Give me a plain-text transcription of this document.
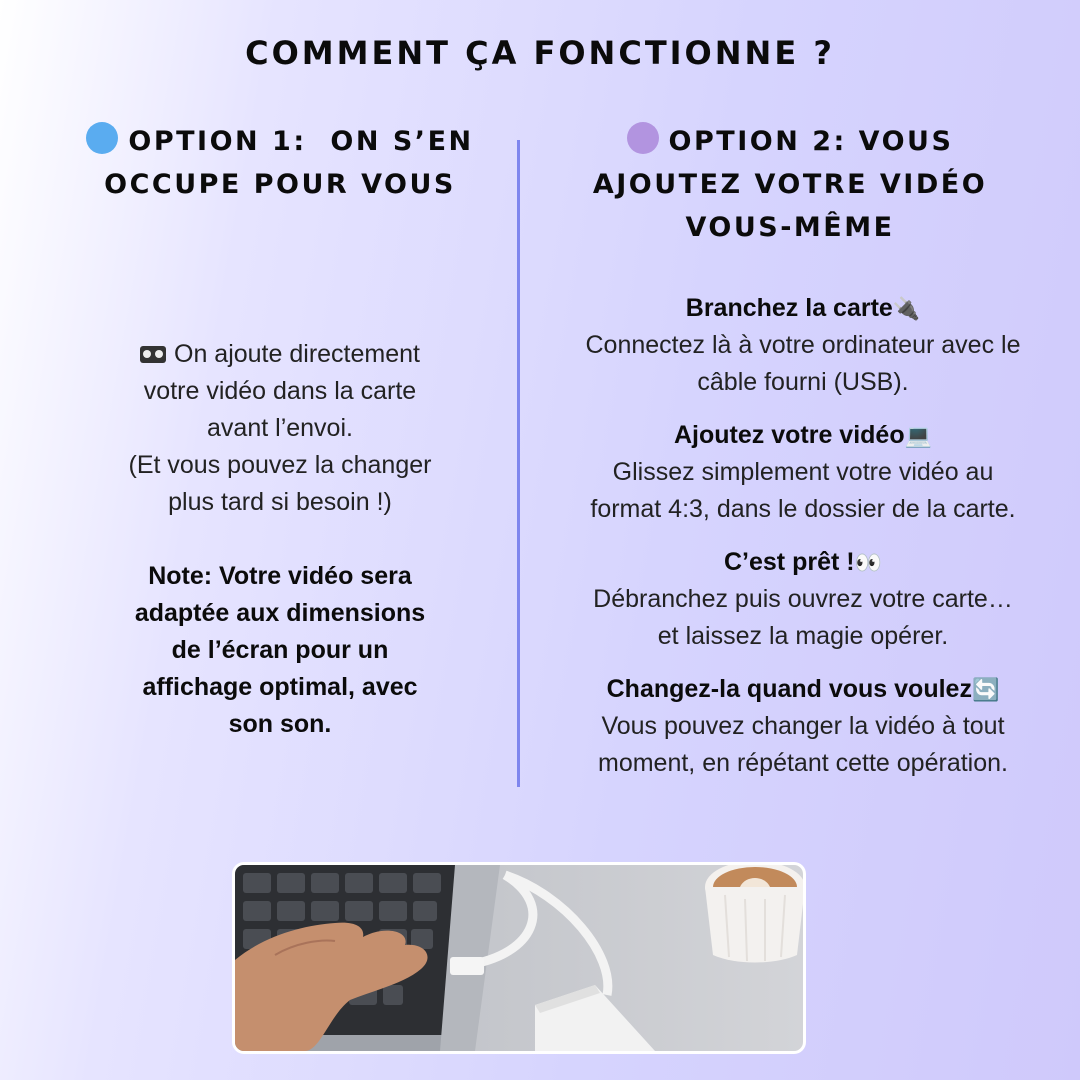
COMMENT ÇA FONCTIONNE ?
OPTION 1:  ON S’EN
OCCUPE POUR VOUS
OPTION 2: VOUS
AJOUTEZ VOTRE VIDÉO
VOUS-MÊME
On ajoute directement
votre vidéo dans la carte
avant l’envoi.
(Et vous pouvez la changer
plus tard si besoin !)
Note: Votre vidéo sera
adaptée aux dimensions
de l’écran pour un
affichage optimal, avec
son son.
Branchez la carte🔌
Connectez là à votre ordinateur avec le
câble fourni (USB).
Ajoutez votre vidéo💻
Glissez simplement votre vidéo au
format 4:3, dans le dossier de la carte.
C’est prêt !👀
Débranchez puis ouvrez votre carte…
et laissez la magie opérer.
Changez-la quand vous voulez🔄
Vous pouvez changer la vidéo à tout
moment, en répétant cette opération.
